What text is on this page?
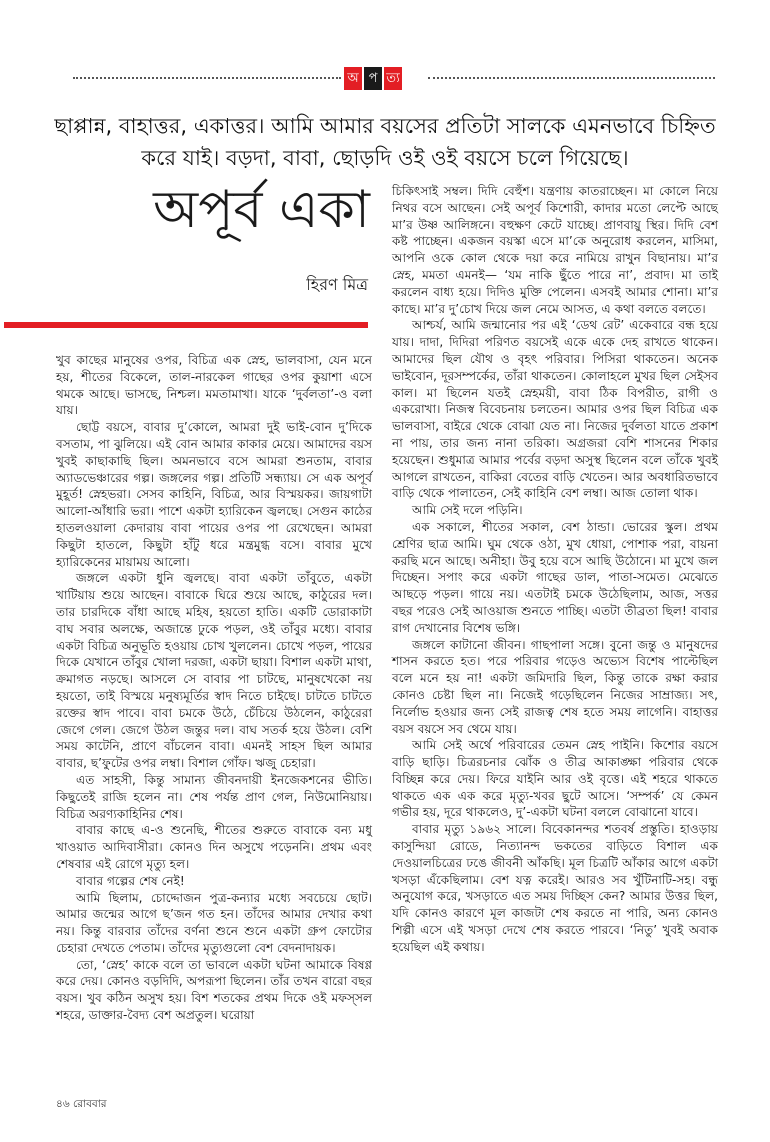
অ প ত্য
ছাপ্পান্ন, বাহাত্তর, একাত্তর। আমি আমার বয়সের প্রতিটা সালকে এমনভাবে চিহ্নিত করে যাই। বড়দা, বাবা, ছোড়দি ওই ওই বয়সে চলে গিয়েছে।
অপূর্ব একা
হিরণ মিত্র

খুব কাছের মানুষের ওপর, বিচিত্র এক স্নেহ, ভালবাসা, যেন মনে হয়, শীতের বিকেলে, তাল-নারকেল গাছের ওপর কুয়াশা এসে থমকে আছে। ভাসছে, নিশ্চল। মমতামাখা। যাকে ‘দুর্বলতা’-ও বলা যায়।

ছোট্ট বয়সে, বাবার দু’কোলে, আমরা দুই ভাই-বোন দু’দিকে বসতাম, পা ঝুলিয়ে। এই বোন আমার কাকার মেয়ে। আমাদের বয়স খুবই কাছাকাছি ছিল। অমনভাবে বসে আমরা শুনতাম, বাবার অ্যাডভেঞ্চারের গল্প। জঙ্গলের গল্প। প্রতিটি সন্ধ্যায়। সে এক অপূর্ব মুহূর্ত! স্নেহভরা। সেসব কাহিনি, বিচিত্র, আর বিস্ময়কর। জায়গাটা আলো-আঁধারি ভরা। পাশে একটা হ্যারিকেন জ্বলছে। সেগুন কাঠের হাতলওয়ালা কেদারায় বাবা পায়ের ওপর পা রেখেছেন। আমরা কিছুটা হাতলে, কিছুটা হাঁটু ধরে মন্ত্রমুগ্ধ বসে। বাবার মুখে হ্যারিকেনের মায়াময় আলো।

জঙ্গলে একটা ধুনি জ্বলছে। বাবা একটা তাঁবুতে, একটা খাটিয়ায় শুয়ে আছেন। বাবাকে ঘিরে শুয়ে আছে, কাঠুরের দল। তার চারদিকে বাঁধা আছে মহিষ, হয়তো হাতি। একটি ডোরাকাটা বাঘ সবার অলক্ষে, অজান্তে ঢুকে পড়ল, ওই তাঁবুর মধ্যে। বাবার একটা বিচিত্র অনুভূতি হওয়ায় চোখ খুললেন। চোখে পড়ল, পায়ের দিকে যেখানে তাঁবুর খোলা দরজা, একটা ছায়া। বিশাল একটা মাথা, ক্রমাগত নড়ছে। আসলে সে বাবার পা চাটছে, মানুষখেকো নয় হয়তো, তাই বিস্ময়ে মনুষ্যমূর্তির স্বাদ নিতে চাইছে। চাটতে চাটতে রক্তের স্বাদ পাবে। বাবা চমকে উঠে, চেঁচিয়ে উঠলেন, কাঠুরেরা জেগে গেল। জেগে উঠল জন্তুর দল। বাঘ সতর্ক হয়ে উঠল। বেশি সময় কাটেনি, প্রাণে বাঁচলেন বাবা। এমনই সাহস ছিল আমার বাবার, ছ’ফুটের ওপর লম্বা। বিশাল গোঁফ। ঋজু চেহারা।

এত সাহসী, কিন্তু সামান্য জীবনদায়ী ইনজেকশনের ভীতি। কিছুতেই রাজি হলেন না। শেষ পর্যন্ত প্রাণ গেল, নিউমোনিয়ায়। বিচিত্র অরণ্যকাহিনির শেষ।

বাবার কাছে এ-ও শুনেছি, শীতের শুরুতে বাবাকে বন্য মধু খাওয়াত আদিবাসীরা। কোনও দিন অসুখে পড়েননি। প্রথম এবং শেষবার এই রোগে মৃত্যু হল।

বাবার গল্পের শেষ নেই!

আমি ছিলাম, চোদ্দোজন পুত্র-কন্যার মধ্যে সবচেয়ে ছোট। আমার জন্মের আগে ছ’জন গত হন। তাঁদের আমার দেখার কথা নয়। কিন্তু বারবার তাঁদের বর্ণনা শুনে শুনে একটা গ্রুপ ফোটোর চেহারা দেখতে পেতাম। তাঁদের মৃত্যুগুলো বেশ বেদনাদায়ক।

তো, ‘স্নেহ’ কাকে বলে তা ভাবলে একটা ঘটনা আমাকে বিষণ্ণ করে দেয়। কোনও বড়দিদি, অপরূপা ছিলেন। তাঁর তখন বারো বছর বয়স। খুব কঠিন অসুখ হয়। বিশ শতকের প্রথম দিকে ওই মফস্‌সল শহরে, ডাক্তার-বৈদ্য বেশ অপ্রতুল। ঘরোয়া

চিকিৎসাই সম্বল। দিদি বেহুঁশ। যন্ত্রণায় কাতরাচ্ছেন। মা কোলে নিয়ে নিথর বসে আছেন। সেই অপূর্ব কিশোরী, কাদার মতো লেপ্টে আছে মা’র উষ্ণ আলিঙ্গনে। বহুক্ষণ কেটে যাচ্ছে। প্রাণবায়ু স্থির। দিদি বেশ কষ্ট পাচ্ছেন। একজন বয়স্কা এসে মা’কে অনুরোধ করলেন, মাসিমা, আপনি ওকে কোল থেকে দয়া করে নামিয়ে রাখুন বিছানায়। মা’র স্নেহ, মমতা এমনই— ‘যম নাকি ছুঁতে পারে না’, প্রবাদ। মা তাই করলেন বাধ্য হয়ে। দিদিও মুক্তি পেলেন। এসবই আমার শোনা। মা’র কাছে। মা’র দু’চোখ দিয়ে জল নেমে আসত, এ কথা বলতে বলতে।

আশ্চর্য, আমি জন্মানোর পর এই ‘ডেথ রেট’ একেবারে বন্ধ হয়ে যায়। দাদা, দিদিরা পরিণত বয়সেই একে একে দেহ রাখতে থাকেন। আমাদের ছিল যৌথ ও বৃহৎ পরিবার। পিসিরা থাকতেন। অনেক ভাইবোন, দূরসম্পর্কের, তাঁরা থাকতেন। কোলাহলে মুখর ছিল সেইসব কাল। মা ছিলেন যতই স্নেহময়ী, বাবা ঠিক বিপরীত, রাগী ও একরোখা। নিজস্ব বিবেচনায় চলতেন। আমার ওপর ছিল বিচিত্র এক ভালবাসা, বাইরে থেকে বোঝা যেত না। নিজের দুর্বলতা যাতে প্রকাশ না পায়, তার জন্য নানা তরিকা। অগ্রজরা বেশি শাসনের শিকার হয়েছেন। শুধুমাত্র আমার পর্বের বড়দা অসুস্থ ছিলেন বলে তাঁকে খুবই আগলে রাখতেন, বাকিরা বেতের বাড়ি খেতেন। আর অবধারিতভাবে বাড়ি থেকে পালাতেন, সেই কাহিনি বেশ লম্বা। আজ তোলা থাক।

আমি সেই দলে পড়িনি।

এক সকালে, শীতের সকাল, বেশ ঠান্ডা। ভোরের স্কুল। প্রথম শ্রেণির ছাত্র আমি। ঘুম থেকে ওঠা, মুখ ধোয়া, পোশাক পরা, বায়না করছি মনে আছে। অনীহা। উবু হয়ে বসে আছি উঠোনে। মা মুখে জল দিচ্ছেন। সপাং করে একটা গাছের ডাল, পাতা-সমেত। মেঝেতে আছড়ে পড়ল। গায়ে নয়। এতটাই চমকে উঠেছিলাম, আজ, সত্তর বছর পরেও সেই আওয়াজ শুনতে পাচ্ছি। এতটা তীব্রতা ছিল! বাবার রাগ দেখানোর বিশেষ ভঙ্গি।

জঙ্গলে কাটানো জীবন। গাছপালা সঙ্গে। বুনো জন্তু ও মানুষদের শাসন করতে হত। পরে পরিবার গড়েও অভ্যেস বিশেষ পাল্টেছিল বলে মনে হয় না! একটা জমিদারি ছিল, কিন্তু তাকে রক্ষা করার কোনও চেষ্টা ছিল না। নিজেই গড়েছিলেন নিজের সাম্রাজ্য। সৎ, নির্লোভ হওয়ার জন্য সেই রাজত্ব শেষ হতে সময় লাগেনি। বাহাত্তর বয়স বয়সে সব থেমে যায়।

আমি সেই অর্থে পরিবারের তেমন স্নেহ পাইনি। কিশোর বয়সে বাড়ি ছাড়ি। চিত্ররচনার ঝোঁক ও তীব্র আকাঙ্ক্ষা পরিবার থেকে বিচ্ছিন্ন করে দেয়। ফিরে যাইনি আর ওই বৃত্তে। এই শহরে থাকতে থাকতে এক এক করে মৃত্যু-খবর ছুটে আসে। ‘সম্পর্ক’ যে কেমন গভীর হয়, দূরে থাকলেও, দু’-একটা ঘটনা বললে বোঝানো যাবে।

বাবার মৃত্যু ১৯৬২ সালে। বিবেকানন্দর শতবর্ষ প্রস্তুতি। হাওড়ায় কাসুন্দিয়া রোডে, নিত্যানন্দ ভকতের বাড়িতে বিশাল এক দেওয়ালচিত্রের ঢঙে জীবনী আঁকছি। মূল চিত্রটি আঁকার আগে একটা খসড়া এঁকেছিলাম। বেশ যত্ন করেই। আরও সব খুঁটিনাটি-সহ। বন্ধু অনুযোগ করে, খসড়াতে এত সময় দিচ্ছিস কেন? আমার উত্তর ছিল, যদি কোনও কারণে মূল কাজটা শেষ করতে না পারি, অন্য কোনও শিল্পী এসে এই খসড়া দেখে শেষ করতে পারবে। ‘নিতু’ খুবই অবাক হয়েছিল এই কথায়।

৪৬ রোববার
